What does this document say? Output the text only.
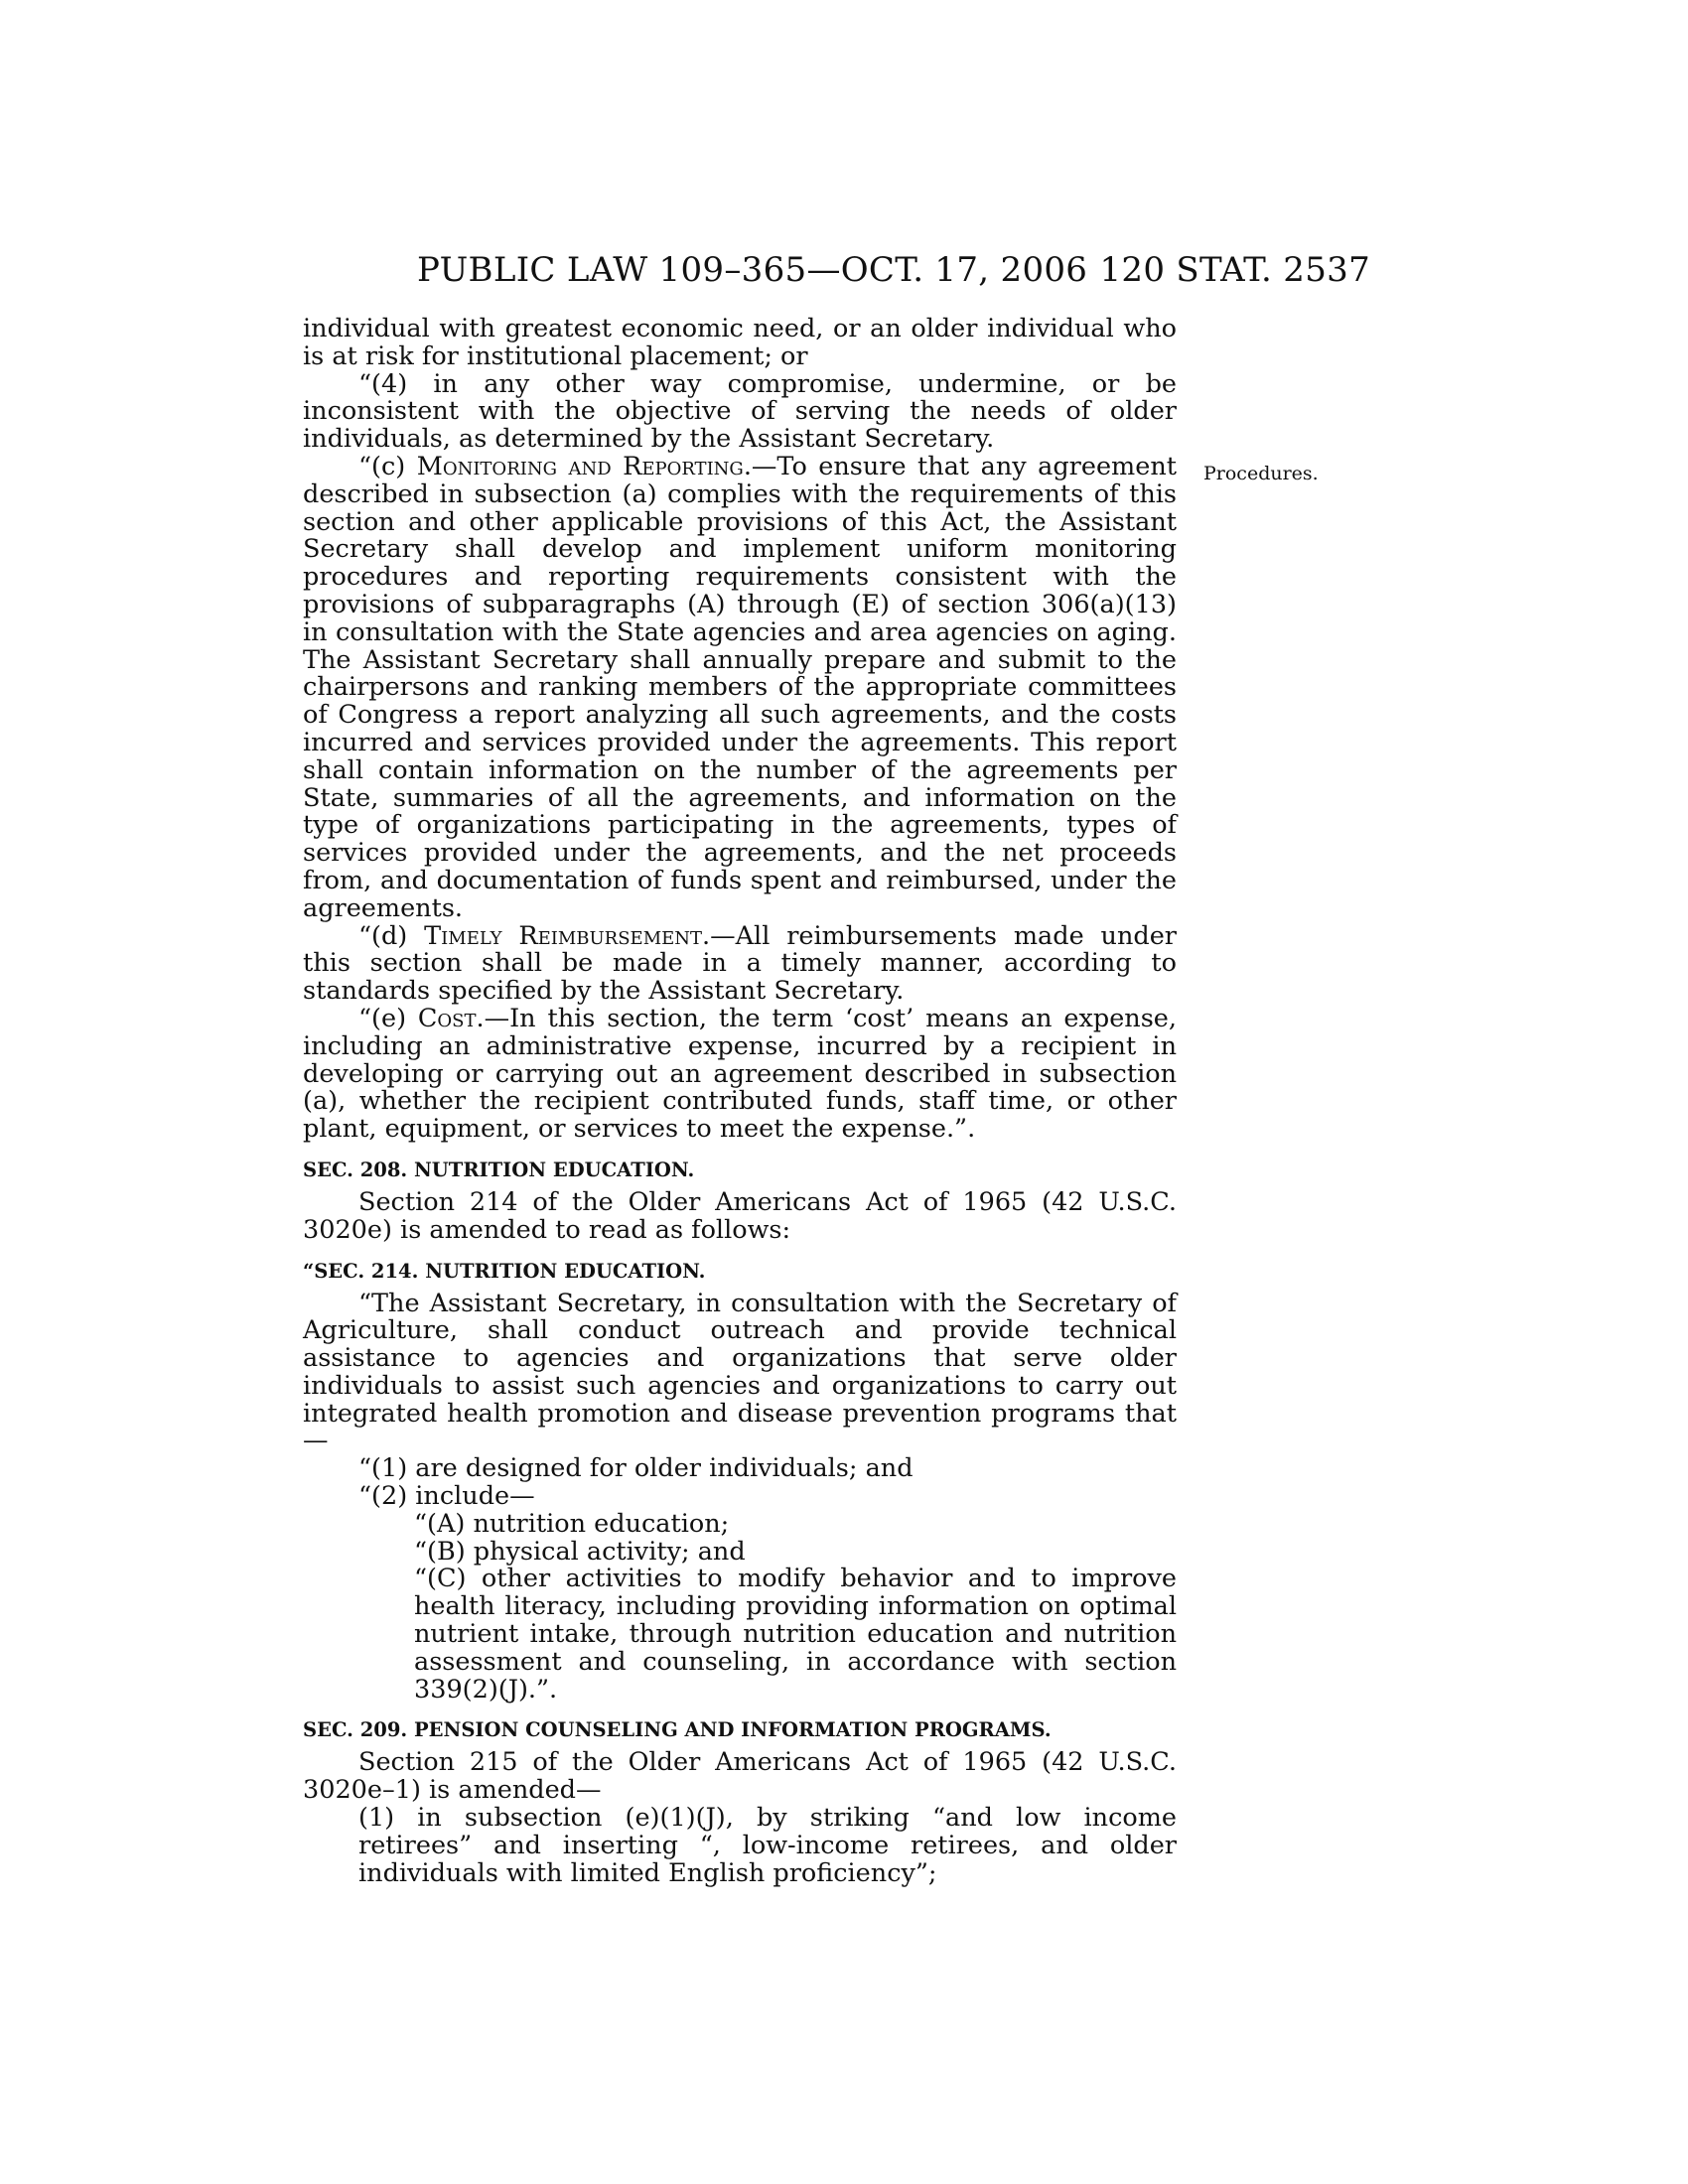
PUBLIC LAW 109–365—OCT. 17, 2006 120 STAT. 2537
Procedures.

individual with greatest economic need, or an older individual who is at risk for institutional placement; or

“(4) in any other way compromise, undermine, or be inconsistent with the objective of serving the needs of older individuals, as determined by the Assistant Secretary.

“(c) Monitoring and Reporting.—To ensure that any agreement described in subsection (a) complies with the requirements of this section and other applicable provisions of this Act, the Assistant Secretary shall develop and implement uniform monitoring procedures and reporting requirements consistent with the provisions of subparagraphs (A) through (E) of section 306(a)(13) in consultation with the State agencies and area agencies on aging. The Assistant Secretary shall annually prepare and submit to the chairpersons and ranking members of the appropriate committees of Congress a report analyzing all such agreements, and the costs incurred and services provided under the agreements. This report shall contain information on the number of the agreements per State, summaries of all the agreements, and information on the type of organizations participating in the agreements, types of services provided under the agreements, and the net proceeds from, and documentation of funds spent and reimbursed, under the agreements.

“(d) Timely Reimbursement.—All reimbursements made under this section shall be made in a timely manner, according to standards specified by the Assistant Secretary.

“(e) Cost.—In this section, the term ‘cost’ means an expense, including an administrative expense, incurred by a recipient in developing or carrying out an agreement described in subsection (a), whether the recipient contributed funds, staff time, or other plant, equipment, or services to meet the expense.”.

SEC. 208. NUTRITION EDUCATION.

Section 214 of the Older Americans Act of 1965 (42 U.S.C. 3020e) is amended to read as follows:

“SEC. 214. NUTRITION EDUCATION.

“The Assistant Secretary, in consultation with the Secretary of Agriculture, shall conduct outreach and provide technical assistance to agencies and organizations that serve older individuals to assist such agencies and organizations to carry out integrated health promotion and disease prevention programs that—

“(1) are designed for older individuals; and

“(2) include—

“(A) nutrition education;

“(B) physical activity; and

“(C) other activities to modify behavior and to improve health literacy, including providing information on optimal nutrient intake, through nutrition education and nutrition assessment and counseling, in accordance with section 339(2)(J).”.

SEC. 209. PENSION COUNSELING AND INFORMATION PROGRAMS.

Section 215 of the Older Americans Act of 1965 (42 U.S.C. 3020e–1) is amended—

(1) in subsection (e)(1)(J), by striking “and low income retirees” and inserting “, low-income retirees, and older individuals with limited English proficiency”;
